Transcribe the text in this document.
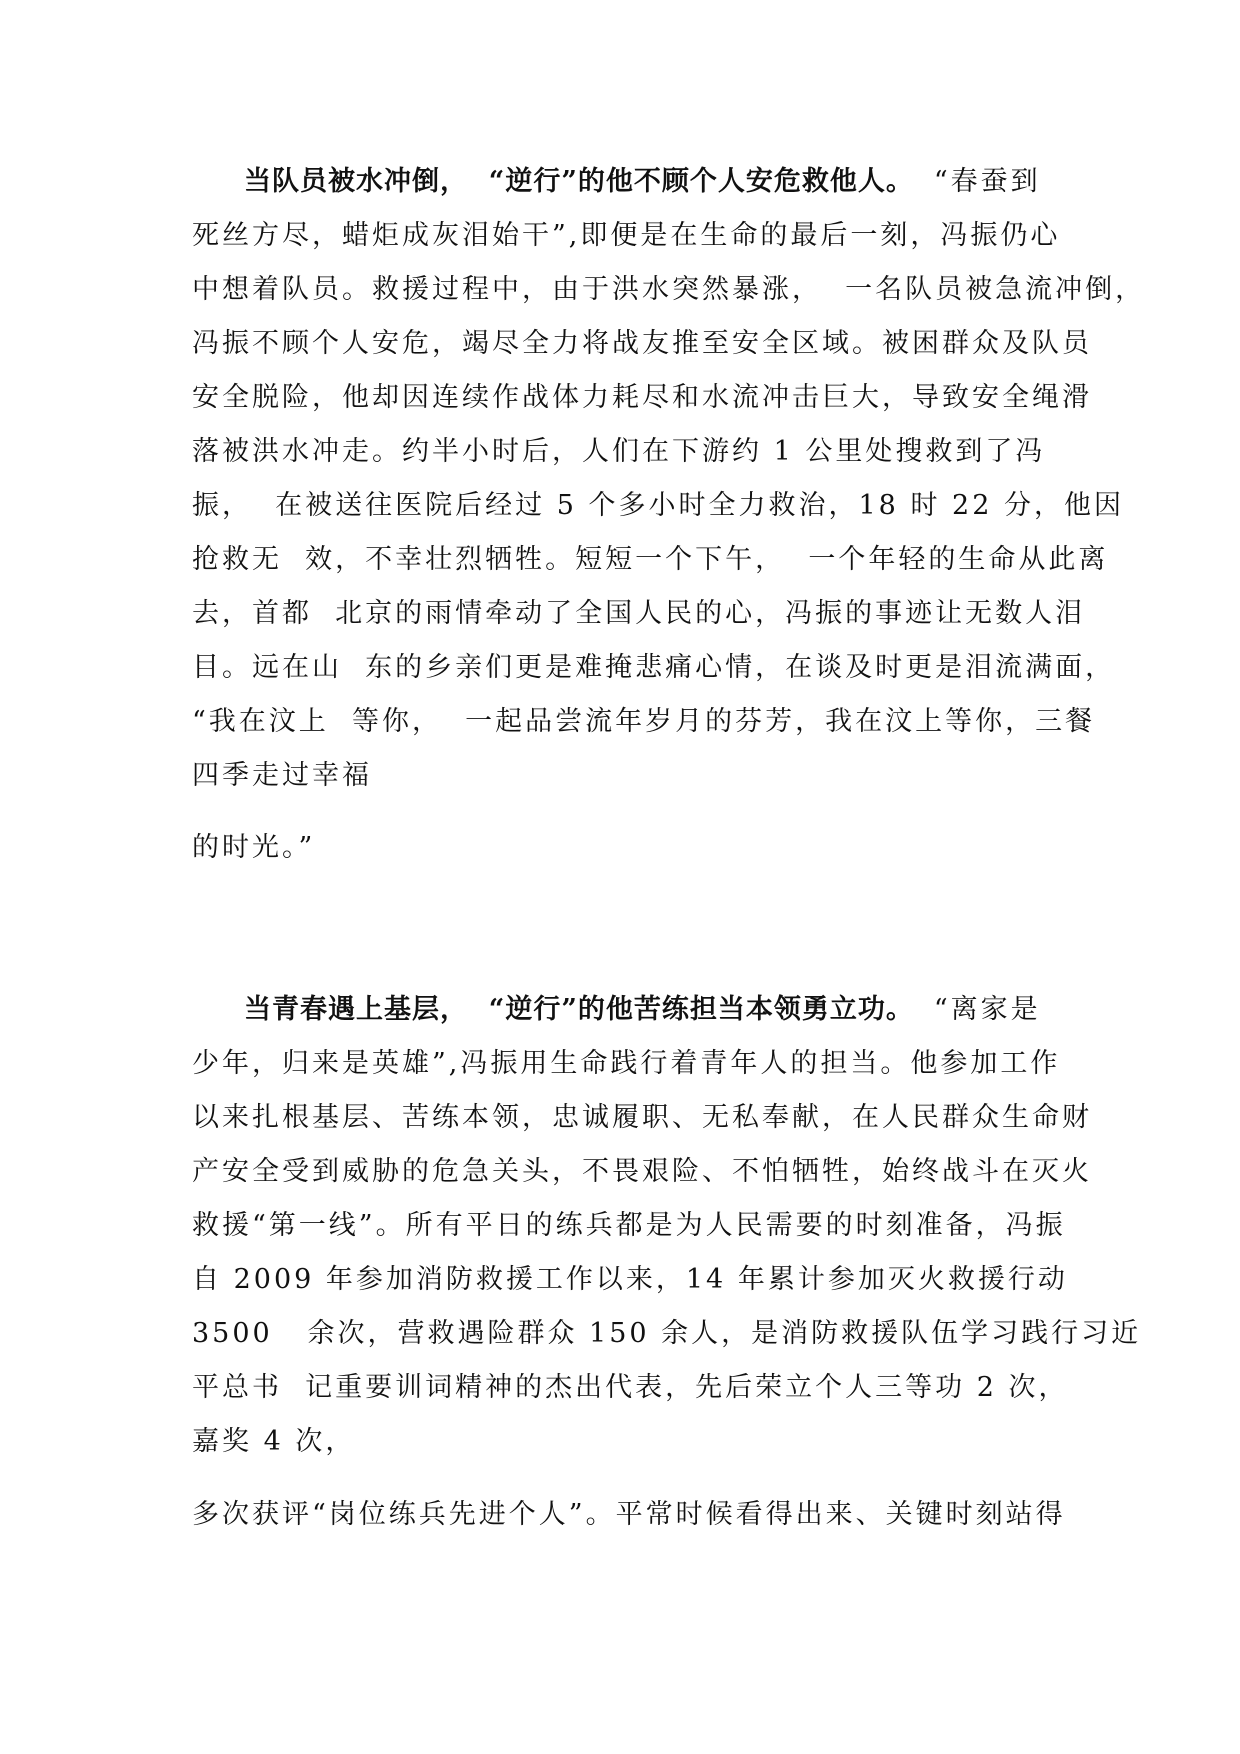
当队员被水冲倒，  “逆行”的他不顾个人安危救他人。 “春蚕到

死丝方尽，蜡炬成灰泪始干”,即便是在生命的最后一刻，冯振仍心

中想着队员。救援过程中，由于洪水突然暴涨，  一名队员被急流冲倒，

冯振不顾个人安危，竭尽全力将战友推至安全区域。被困群众及队员

安全脱险，他却因连续作战体力耗尽和水流冲击巨大，导致安全绳滑

落被洪水冲走。约半小时后，人们在下游约 1 公里处搜救到了冯

振，  在被送往医院后经过 5 个多小时全力救治，18 时 22 分，他因

抢救无  效，不幸壮烈牺牲。短短一个下午，  一个年轻的生命从此离

去，首都  北京的雨情牵动了全国人民的心，冯振的事迹让无数人泪

目。远在山  东的乡亲们更是难掩悲痛心情，在谈及时更是泪流满面，

“我在汶上  等你，  一起品尝流年岁月的芬芳，我在汶上等你，三餐

四季走过幸福

的时光。”

当青春遇上基层，  “逆行”的他苦练担当本领勇立功。 “离家是

少年，归来是英雄”,冯振用生命践行着青年人的担当。他参加工作

以来扎根基层、苦练本领，忠诚履职、无私奉献，在人民群众生命财

产安全受到威胁的危急关头，不畏艰险、不怕牺牲，始终战斗在灭火

救援“第一线”。所有平日的练兵都是为人民需要的时刻准备，冯振

自 2009 年参加消防救援工作以来，14 年累计参加灭火救援行动

3500   余次，营救遇险群众 150 余人，是消防救援队伍学习践行习近

平总书  记重要训词精神的杰出代表，先后荣立个人三等功 2 次，

嘉奖 4 次，

多次获评“岗位练兵先进个人”。平常时候看得出来、关键时刻站得
